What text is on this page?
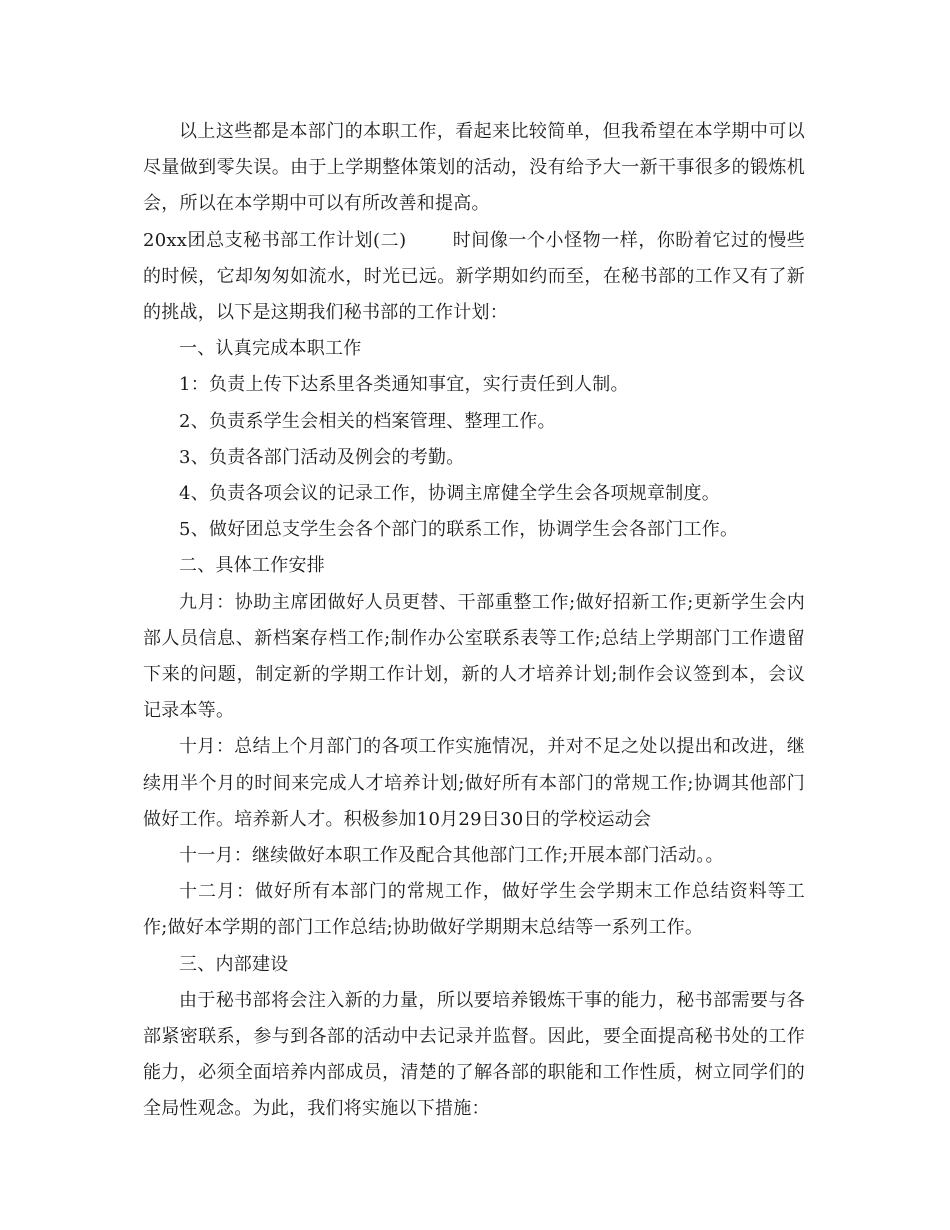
以上这些都是本部门的本职工作，看起来比较简单，但我希望在本学期中可以尽量做到零失误。由于上学期整体策划的活动，没有给予大一新干事很多的锻炼机会，所以在本学期中可以有所改善和提高。

20xx团总支秘书部工作计划(二)	时间像一个小怪物一样，你盼着它过的慢些的时候，它却匆匆如流水，时光已远。新学期如约而至，在秘书部的工作又有了新的挑战，以下是这期我们秘书部的工作计划：

一、认真完成本职工作

1：负责上传下达系里各类通知事宜，实行责任到人制。

2、负责系学生会相关的档案管理、整理工作。

3、负责各部门活动及例会的考勤。

4、负责各项会议的记录工作，协调主席健全学生会各项规章制度。

5、做好团总支学生会各个部门的联系工作，协调学生会各部门工作。

二、具体工作安排

九月：协助主席团做好人员更替、干部重整工作;做好招新工作;更新学生会内部人员信息、新档案存档工作;制作办公室联系表等工作;总结上学期部门工作遗留下来的问题，制定新的学期工作计划，新的人才培养计划;制作会议签到本，会议记录本等。

十月：总结上个月部门的各项工作实施情况，并对不足之处以提出和改进，继续用半个月的时间来完成人才培养计划;做好所有本部门的常规工作;协调其他部门做好工作。培养新人才。积极参加10月29日30日的学校运动会

十一月：继续做好本职工作及配合其他部门工作;开展本部门活动。。

十二月：做好所有本部门的常规工作，做好学生会学期末工作总结资料等工作;做好本学期的部门工作总结;协助做好学期期末总结等一系列工作。

三、内部建设

由于秘书部将会注入新的力量，所以要培养锻炼干事的能力，秘书部需要与各部紧密联系，参与到各部的活动中去记录并监督。因此，要全面提高秘书处的工作能力，必须全面培养内部成员，清楚的了解各部的职能和工作性质，树立同学们的全局性观念。为此，我们将实施以下措施：
